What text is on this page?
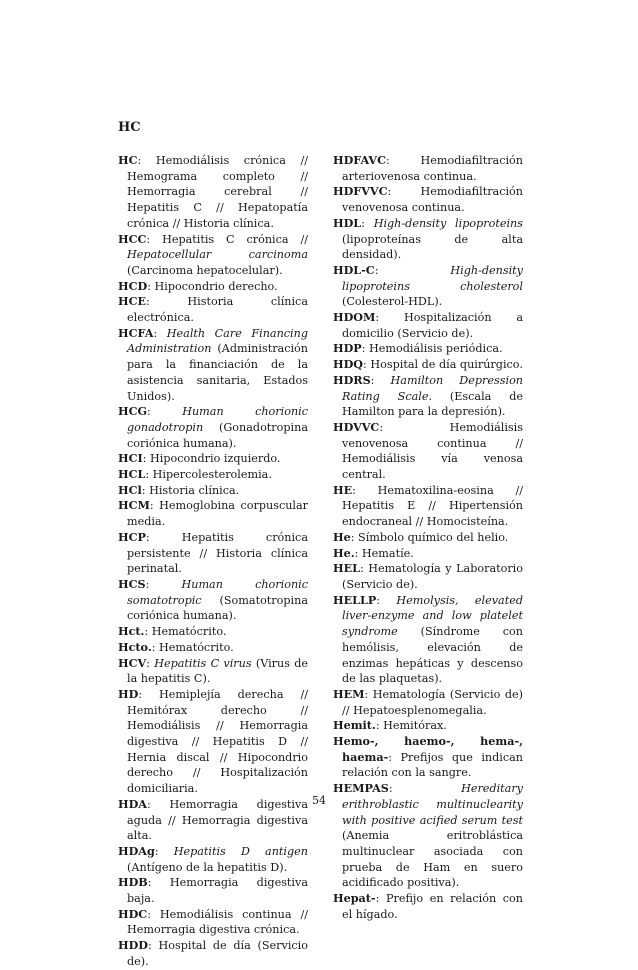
HC

HC: Hemodiálisis crónica // Hemograma completo // Hemorragia cerebral // Hepatitis C // Hepatopatía crónica // Historia clínica.

HCC: Hepatitis C crónica // Hepatocellular carcinoma (Carcinoma hepatocelular).

HCD: Hipocondrio derecho.

HCE: Historia clínica electrónica.

HCFA: Health Care Financing Administration (Administración para la financiación de la asistencia sanitaria, Estados Unidos).

HCG: Human chorionic gonadotropin (Gonadotropina coriónica humana).

HCI: Hipocondrio izquierdo.

HCL: Hipercolesterolemia.

HCl: Historia clínica.

HCM: Hemoglobina corpuscular media.

HCP: Hepatitis crónica persistente // Historia clínica perinatal.

HCS: Human chorionic somatotropic (Somatotropina coriónica humana).

Hct.: Hematócrito.

Hcto.: Hematócrito.

HCV: Hepatitis C virus (Virus de la hepatitis C).

HD: Hemiplejía derecha // Hemitórax derecho // Hemodiálisis // Hemorragia digestiva // Hepatitis D // Hernia discal // Hipocondrio derecho // Hospitalización domiciliaria.

HDA: Hemorragia digestiva aguda // Hemorragia digestiva alta.

HDAg: Hepatitis D antigen (Antígeno de la hepatitis D).

HDB: Hemorragia digestiva baja.

HDC: Hemodiálisis continua // Hemorragia digestiva crónica.

HDD: Hospital de día (Servicio de).

HDFAVC: Hemodiafiltración arteriovenosa continua.

HDFVVC: Hemodiafiltración venovenosa continua.

HDL: High-density lipoproteins (lipoproteínas de alta densidad).

HDL-C: High-density lipoproteins cholesterol (Colesterol-HDL).

HDOM: Hospitalización a domicilio (Servicio de).

HDP: Hemodiálisis periódica.

HDQ: Hospital de día quirúrgico.

HDRS: Hamilton Depression Rating Scale. (Escala de Hamilton para la depresión).

HDVVC: Hemodiálisis venovenosa continua // Hemodiálisis vía venosa central.

HE: Hematoxilina-eosina // Hepatitis E // Hipertensión endocraneal // Homocisteína.

He: Símbolo químico del helio.

He.: Hematíe.

HEL: Hematología y Laboratorio (Servicio de).

HELLP: Hemolysis, elevated liver-enzyme and low platelet syndrome (Síndrome con hemólisis, elevación de enzimas hepáticas y descenso de las plaquetas).

HEM: Hematología (Servicio de) // Hepatoesplenomegalia.

Hemit.: Hemitórax.

Hemo-, haemo-, hema-, haema-: Prefijos que indican relación con la sangre.

HEMPAS: Hereditary erithroblastic multinuclearity with positive acified serum test (Anemia eritroblástica multinuclear asociada con prueba de Ham en suero acidificado positiva).

Hepat-: Prefijo en relación con el hígado.

54
